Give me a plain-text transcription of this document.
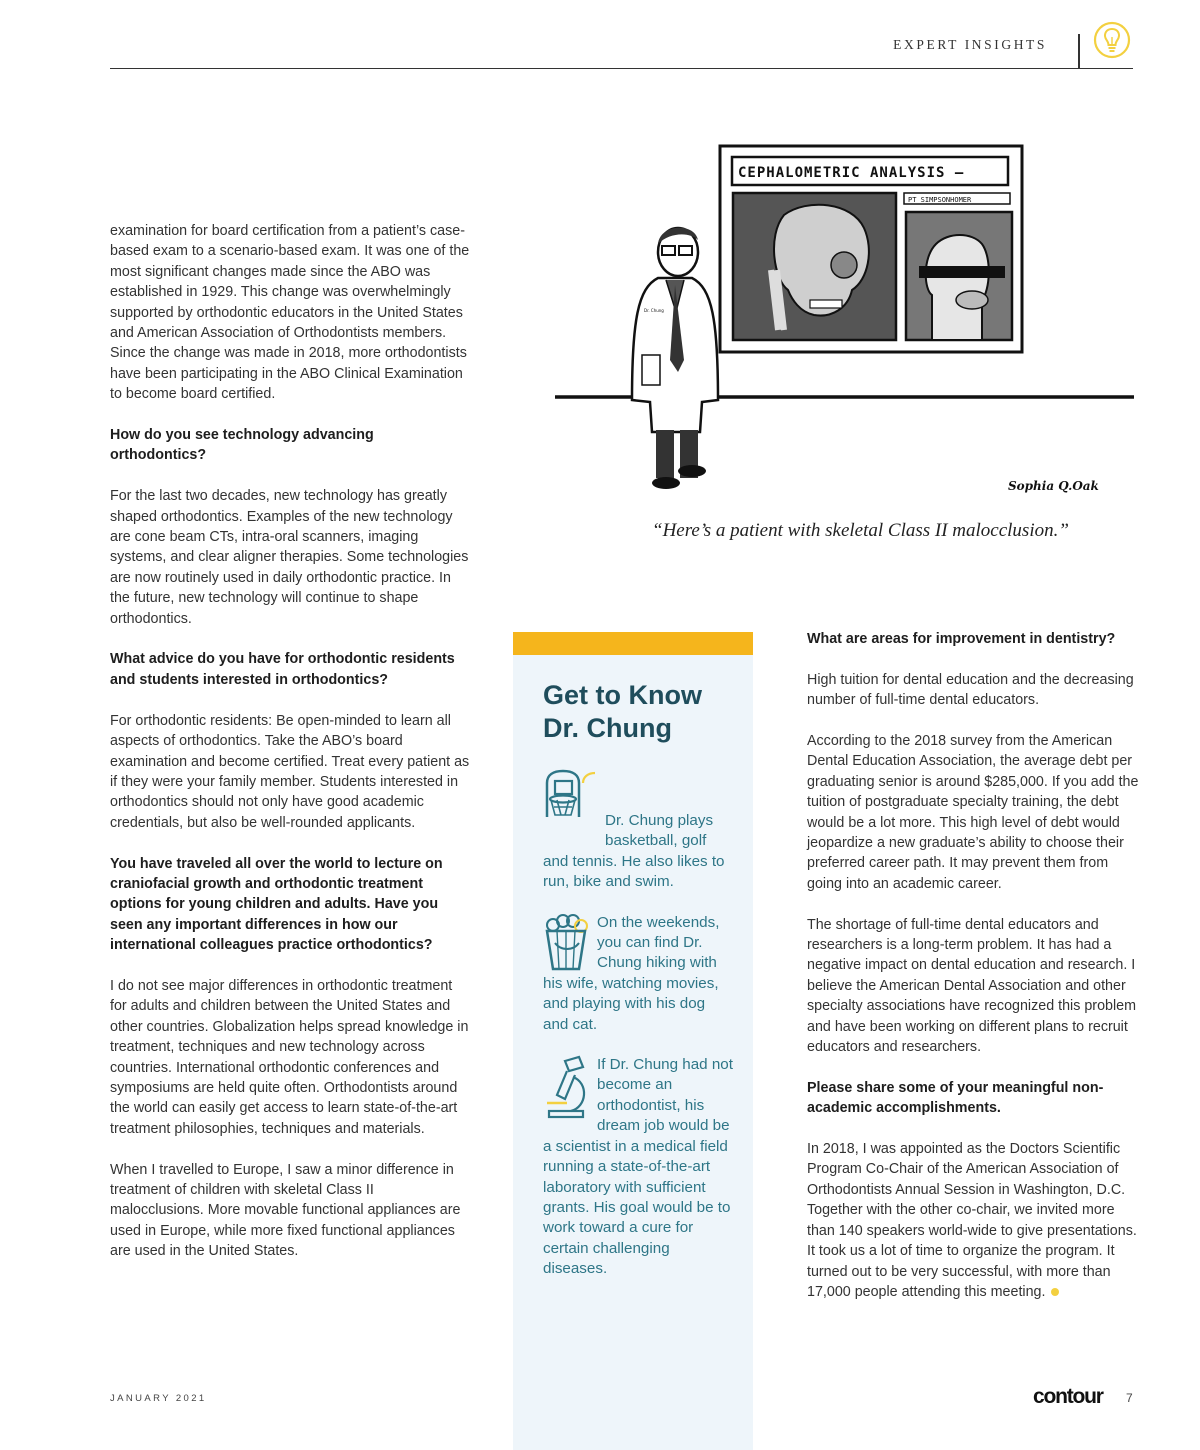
EXPERT INSIGHTS

examination for board certification from a patient’s case-based exam to a scenario-based exam. It was one of the most significant changes made since the ABO was established in 1929. This change was overwhelmingly supported by orthodontic educators in the United States and American Association of Orthodontists members. Since the change was made in 2018, more orthodontists have been participating in the ABO Clinical Examination to become board certified.

How do you see technology advancing orthodontics?

For the last two decades, new technology has greatly shaped orthodontics. Examples of the new technology are cone beam CTs, intra-oral scanners, imaging systems, and clear aligner therapies. Some technologies are now routinely used in daily orthodontic practice. In the future, new technology will continue to shape orthodontics.

What advice do you have for orthodontic residents and students interested in orthodontics?

For orthodontic residents: Be open-minded to learn all aspects of orthodontics. Take the ABO’s board examination and become certified. Treat every patient as if they were your family member. Students interested in orthodontics should not only have good academic credentials, but also be well-rounded applicants.

You have traveled all over the world to lecture on craniofacial growth and orthodontic treatment options for young children and adults. Have you seen any important differences in how our international colleagues practice orthodontics?

I do not see major differences in orthodontic treatment for adults and children between the United States and other countries. Globalization helps spread knowledge in treatment, techniques and new technology across countries. International orthodontic conferences and symposiums are held quite often. Orthodontists around the world can easily get access to learn state-of-the-art treatment philosophies, techniques and materials.

When I travelled to Europe, I saw a minor difference in treatment of children with skeletal Class II malocclusions. More movable functional appliances are used in Europe, while more fixed functional appliances are used in the United States.

CEPHALOMETRIC ANALYSIS —
PT SIMPSONHOMER
Dr. Chung
Sophia Q.Oak
“Here’s a patient with skeletal Class II malocclusion.”
Get to Know
Dr. Chung
Dr. Chung plays basketball, golf and tennis. He also likes to run, bike and swim.
On the weekends, you can find Dr. Chung hiking with his wife, watching movies, and playing with his dog and cat.
If Dr. Chung had not become an orthodontist, his dream job would be a scientist in a medical field running a state-of-the-art laboratory with sufficient grants. His goal would be to work toward a cure for certain challenging diseases.

What are areas for improvement in dentistry?

High tuition for dental education and the decreasing number of full-time dental educators.

According to the 2018 survey from the American Dental Education Association, the average debt per graduating senior is around $285,000. If you add the tuition of postgraduate specialty training, the debt would be a lot more. This high level of debt would jeopardize a new graduate’s ability to choose their preferred career path. It may prevent them from going into an academic career.

The shortage of full-time dental educators and researchers is a long-term problem. It has had a negative impact on dental education and research. I believe the American Dental Association and other specialty associations have recognized this problem and have been working on different plans to recruit educators and researchers.

Please share some of your meaningful non-academic accomplishments.

In 2018, I was appointed as the Doctors Scientific Program Co-Chair of the American Association of Orthodontists Annual Session in Washington, D.C. Together with the other co-chair, we invited more than 140 speakers world-wide to give presentations. It took us a lot of time to organize the program. It turned out to be very successful, with more than 17,000 people attending this meeting.

JANUARY 2021	contour 7
